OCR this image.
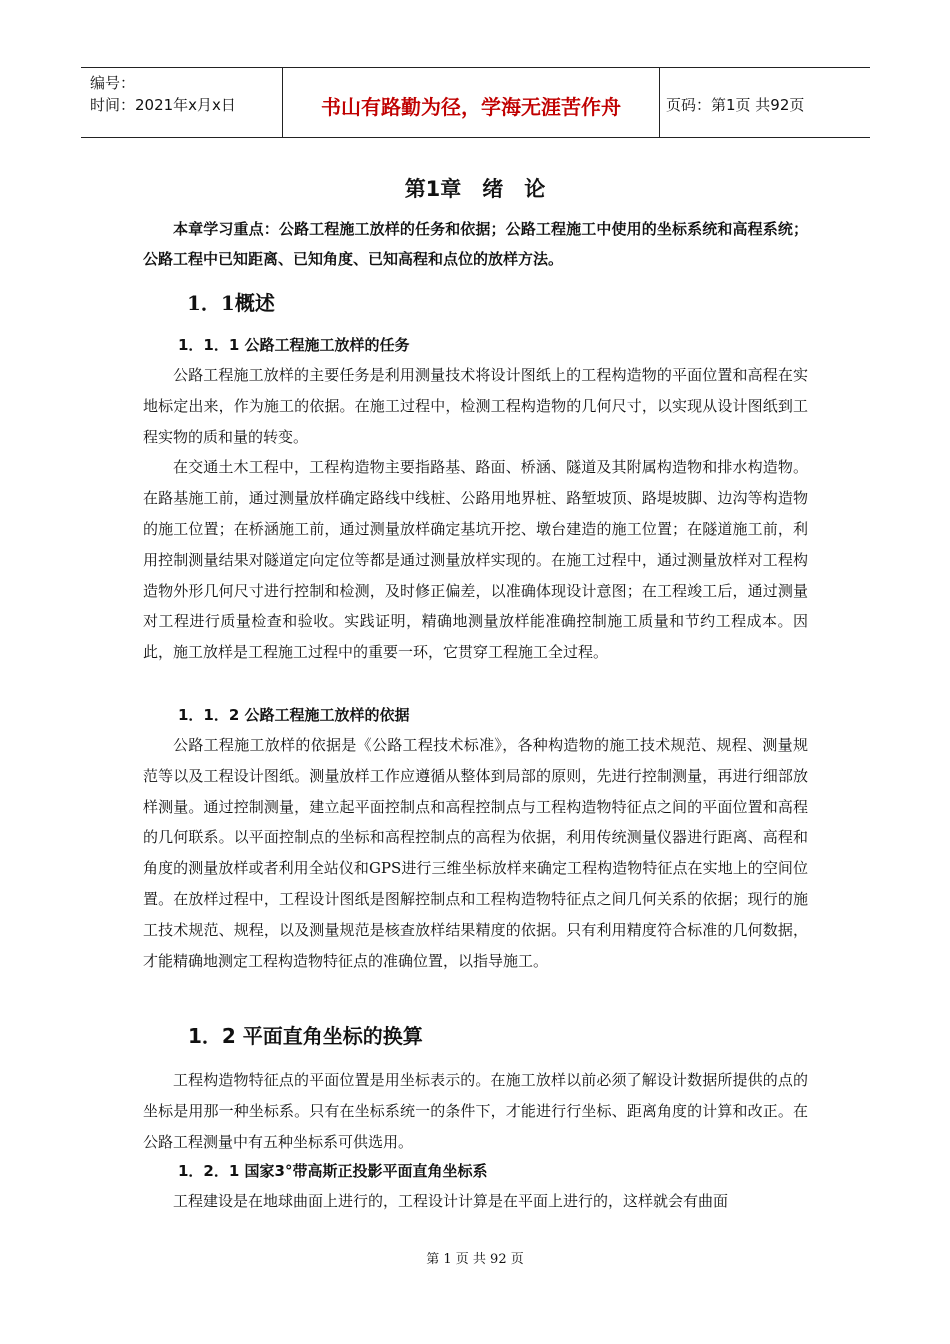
编号：
时间：2021年x月x日	书山有路勤为径，学海无涯苦作舟	页码：第1页 共92页
第1章　绪　论
本章学习重点：公路工程施工放样的任务和依据；公路工程施工中使用的坐标系统和高程系统；公路工程中已知距离、已知角度、已知高程和点位的放样方法。
1．1概述
1．1．1 公路工程施工放样的任务

公路工程施工放样的主要任务是利用测量技术将设计图纸上的工程构造物的平面位置和高程在实地标定出来，作为施工的依据。在施工过程中，检测工程构造物的几何尺寸，以实现从设计图纸到工程实物的质和量的转变。

在交通土木工程中，工程构造物主要指路基、路面、桥涵、隧道及其附属构造物和排水构造物。在路基施工前，通过测量放样确定路线中线桩、公路用地界桩、路堑坡顶、路堤坡脚、边沟等构造物的施工位置；在桥涵施工前，通过测量放样确定基坑开挖、墩台建造的施工位置；在隧道施工前，利用控制测量结果对隧道定向定位等都是通过测量放样实现的。在施工过程中，通过测量放样对工程构造物外形几何尺寸进行控制和检测，及时修正偏差，以准确体现设计意图；在工程竣工后，通过测量对工程进行质量检查和验收。实践证明，精确地测量放样能准确控制施工质量和节约工程成本。因此，施工放样是工程施工过程中的重要一环，它贯穿工程施工全过程。

1．1．2 公路工程施工放样的依据

公路工程施工放样的依据是《公路工程技术标准》，各种构造物的施工技术规范、规程、测量规范等以及工程设计图纸。测量放样工作应遵循从整体到局部的原则，先进行控制测量，再进行细部放样测量。通过控制测量，建立起平面控制点和高程控制点与工程构造物特征点之间的平面位置和高程的几何联系。以平面控制点的坐标和高程控制点的高程为依据，利用传统测量仪器进行距离、高程和角度的测量放样或者利用全站仪和GPS进行三维坐标放样来确定工程构造物特征点在实地上的空间位置。在放样过程中，工程设计图纸是图解控制点和工程构造物特征点之间几何关系的依据；现行的施工技术规范、规程，以及测量规范是核查放样结果精度的依据。只有利用精度符合标准的几何数据，才能精确地测定工程构造物特征点的准确位置，以指导施工。

1．2 平面直角坐标的换算

工程构造物特征点的平面位置是用坐标表示的。在施工放样以前必须了解设计数据所提供的点的坐标是用那一种坐标系。只有在坐标系统一的条件下，才能进行行坐标、距离角度的计算和改正。在公路工程测量中有五种坐标系可供选用。

1．2．1 国家3°带高斯正投影平面直角坐标系

工程建设是在地球曲面上进行的，工程设计计算是在平面上进行的，这样就会有曲面

第 1 页 共 92 页
